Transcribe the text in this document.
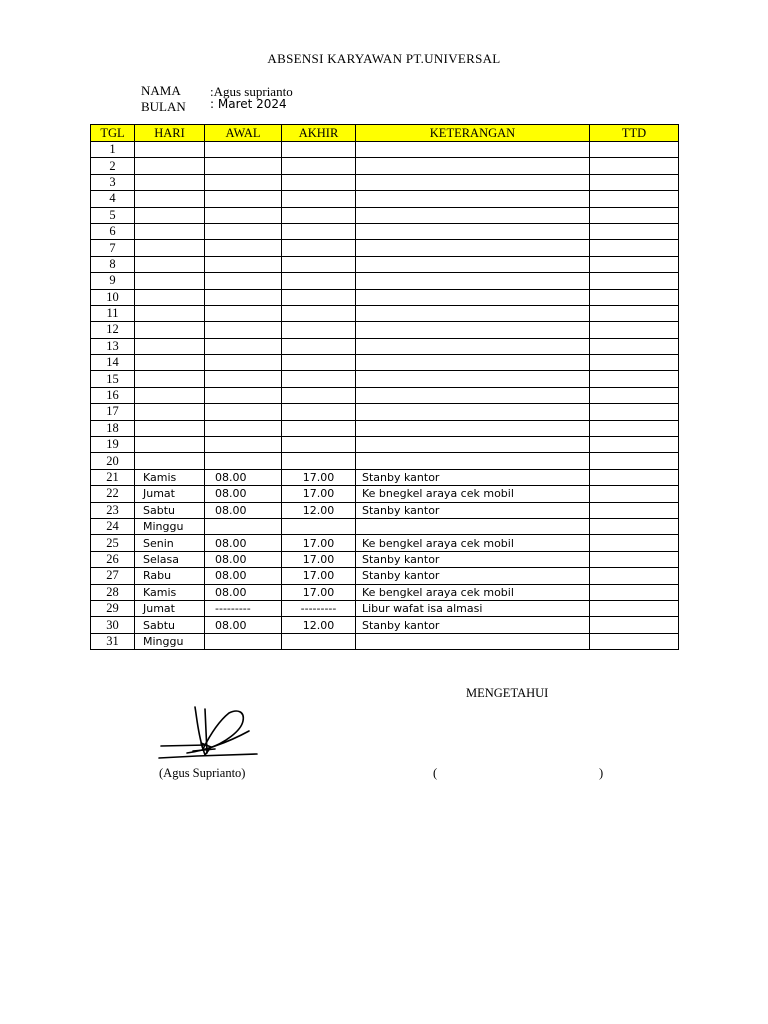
ABSENSI KARYAWAN PT.UNIVERSAL
NAMA :Agus suprianto
BULAN : Maret 2024
TGL	HARI	AWAL	AKHIR	KETERANGAN	TTD
1					
2					
3					
4					
5					
6					
7					
8					
9					
10					
11					
12					
13					
14					
15					
16					
17					
18					
19					
20					
21	Kamis	08.00	17.00	Stanby kantor	
22	Jumat	08.00	17.00	Ke bnegkel araya cek mobil	
23	Sabtu	08.00	12.00	Stanby kantor	
24	Minggu				
25	Senin	08.00	17.00	Ke bengkel araya cek mobil	
26	Selasa	08.00	17.00	Stanby kantor	
27	Rabu	08.00	17.00	Stanby kantor	
28	Kamis	08.00	17.00	Ke bengkel araya cek mobil	
29	Jumat	---------	---------	Libur wafat isa almasi	
30	Sabtu	08.00	12.00	Stanby kantor	
31	Minggu				
MENGETAHUI
(Agus Suprianto)	(	)
